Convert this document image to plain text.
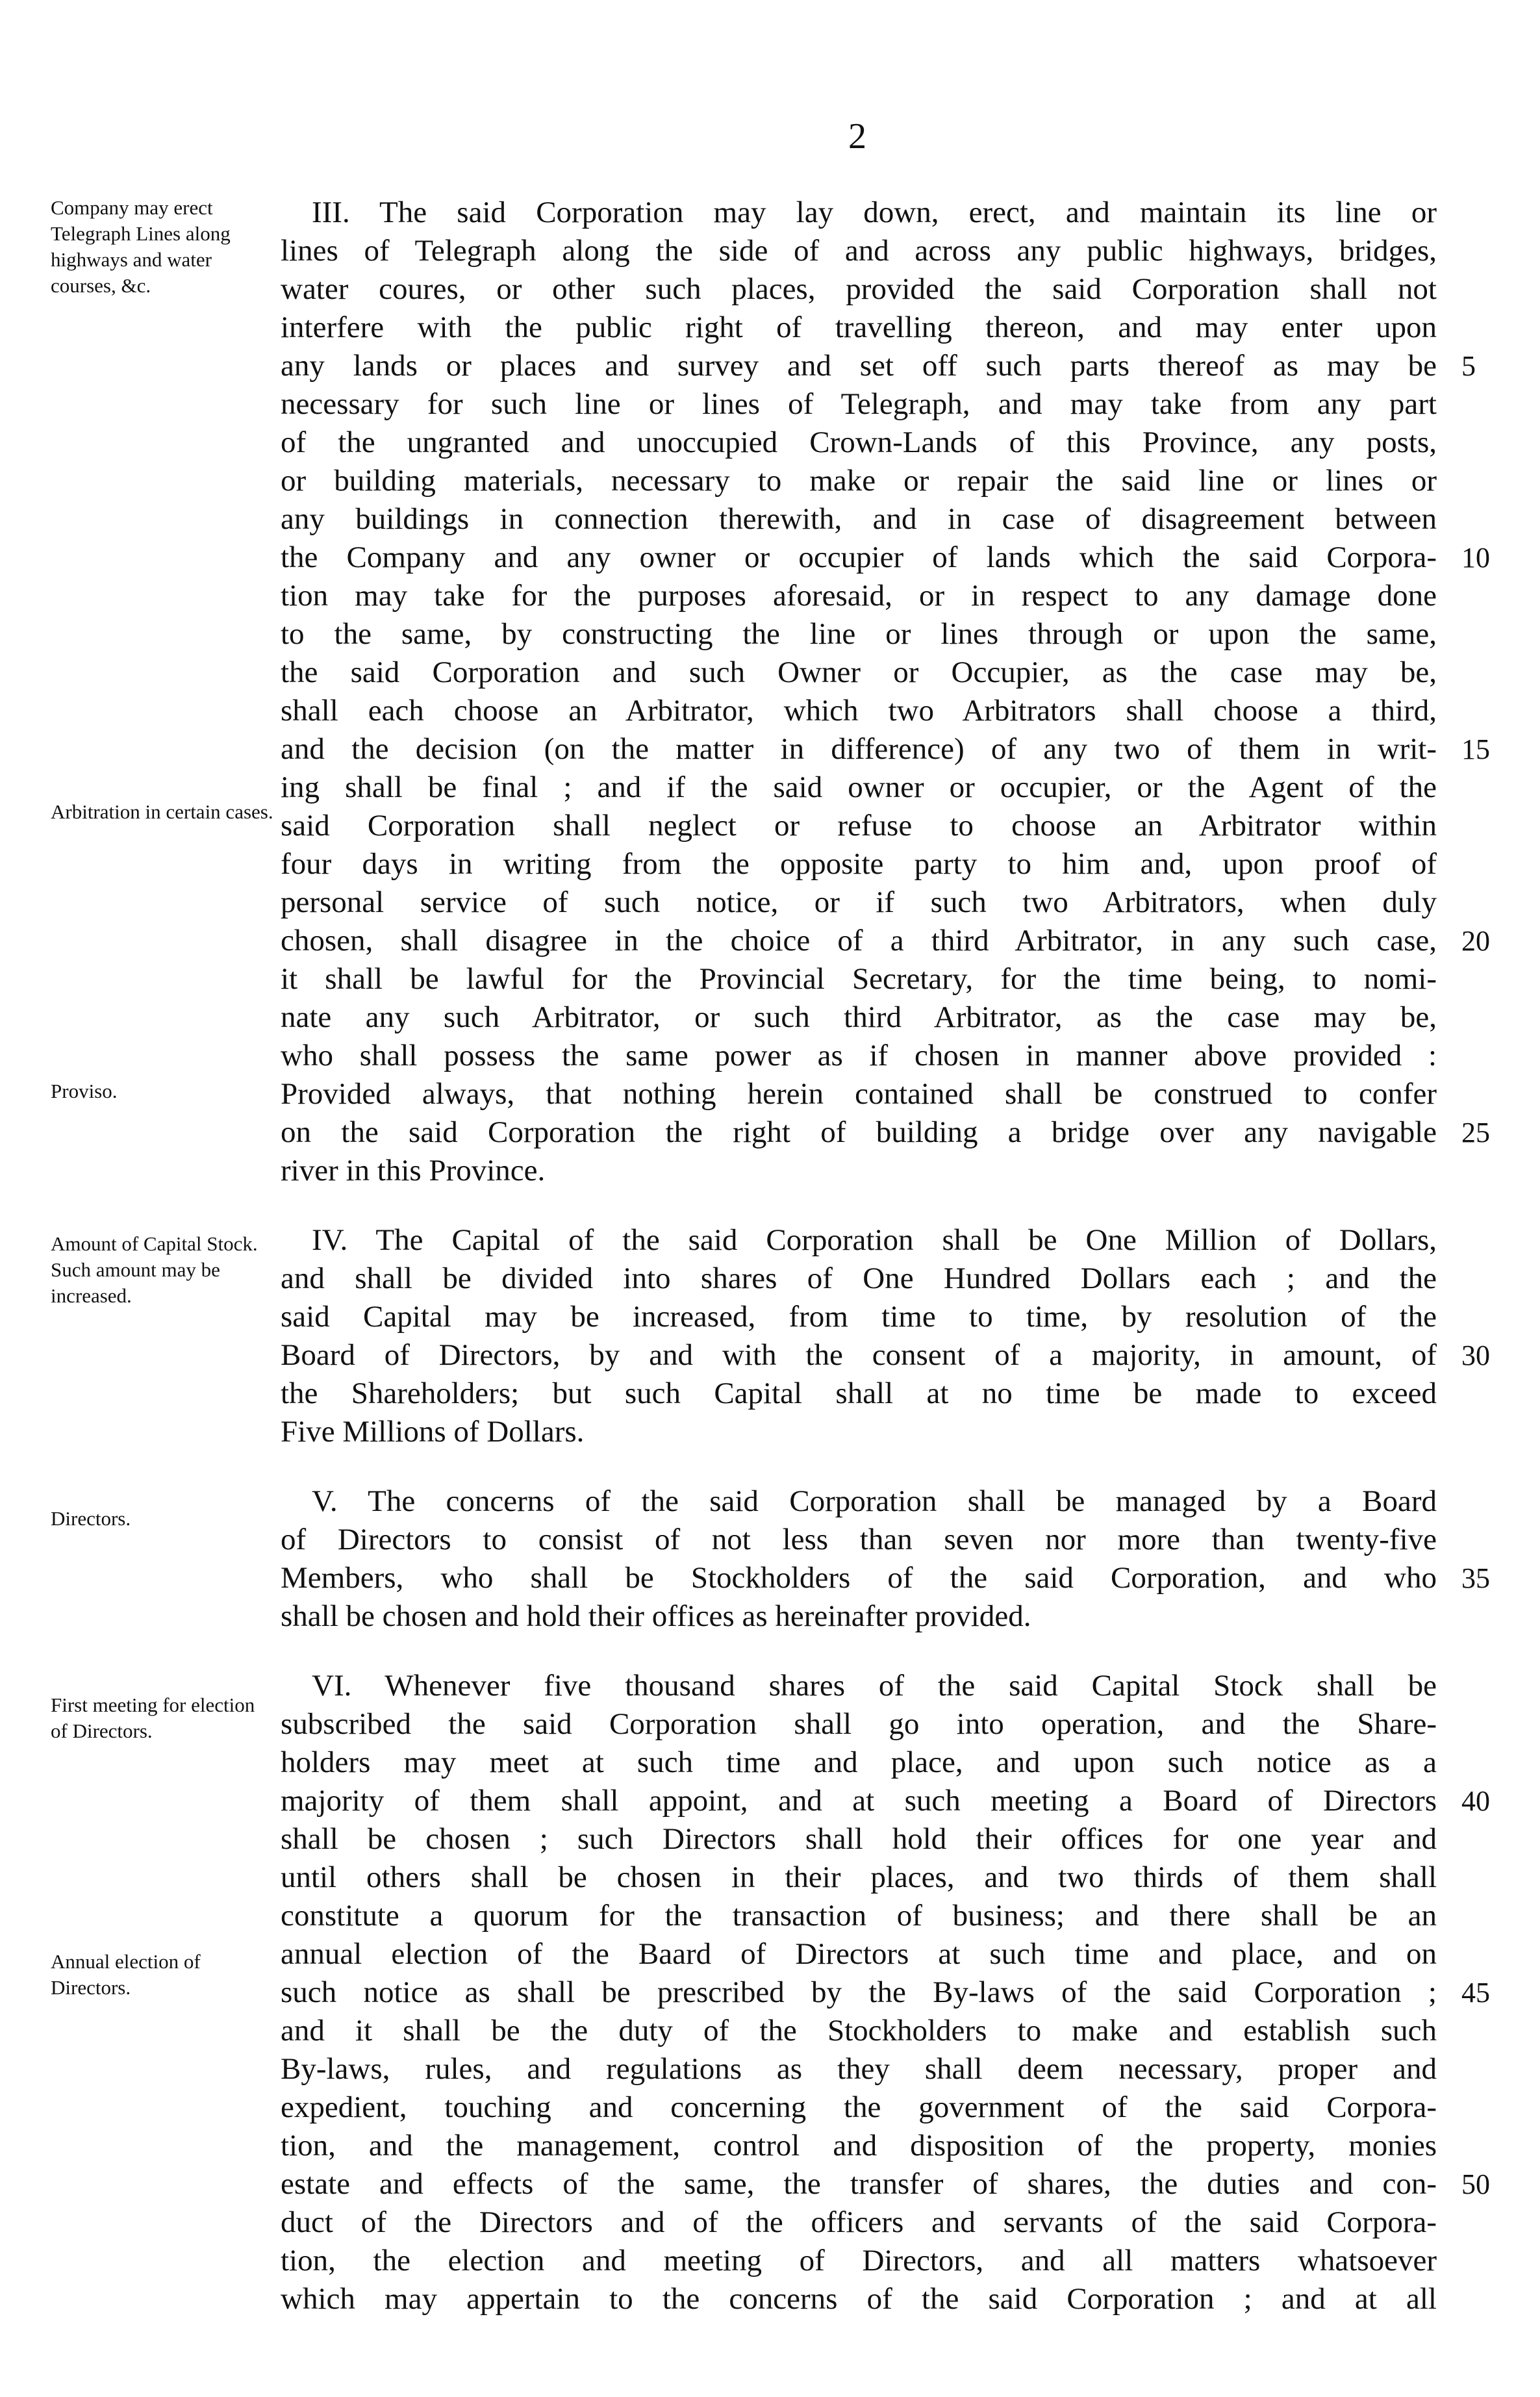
2
Company may erect Telegraph Lines along highways and water courses, &c.
Arbitration in certain cases.
Proviso.
Amount of Capital Stock. Such amount may be increased.
Directors.
First meeting for election of Directors.
Annual election of Directors.
III. The said Corporation may lay down, erect, and maintain its line or
lines of Telegraph along the side of and across any public highways, bridges,
water coures, or other such places, provided the said Corporation shall not
interfere with the public right of travelling thereon, and may enter upon
any lands or places and survey and set off such parts thereof as may be
necessary for such line or lines of Telegraph, and may take from any part
of the ungranted and unoccupied Crown-Lands of this Province, any posts,
or building materials, necessary to make or repair the said line or lines or
any buildings in connection therewith, and in case of disagreement between
the Company and any owner or occupier of lands which the said Corpora-
tion may take for the purposes aforesaid, or in respect to any damage done
to the same, by constructing the line or lines through or upon the same,
the said Corporation and such Owner or Occupier, as the case may be,
shall each choose an Arbitrator, which two Arbitrators shall choose a third,
and the decision (on the matter in difference) of any two of them in writ-
ing shall be final ; and if the said owner or occupier, or the Agent of the
said Corporation shall neglect or refuse to choose an Arbitrator within
four days in writing from the opposite party to him and, upon proof of
personal service of such notice, or if such two Arbitrators, when duly
chosen, shall disagree in the choice of a third Arbitrator, in any such case,
it shall be lawful for the Provincial Secretary, for the time being, to nomi-
nate any such Arbitrator, or such third Arbitrator, as the case may be,
who shall possess the same power as if chosen in manner above provided :
Provided always, that nothing herein contained shall be construed to confer
on the said Corporation the right of building a bridge over any navigable
river in this Province.
IV. The Capital of the said Corporation shall be One Million of Dollars,
and shall be divided into shares of One Hundred Dollars each ; and the
said Capital may be increased, from time to time, by resolution of the
Board of Directors, by and with the consent of a majority, in amount, of
the Shareholders; but such Capital shall at no time be made to exceed
Five Millions of Dollars.
V. The concerns of the said Corporation shall be managed by a Board
of Directors to consist of not less than seven nor more than twenty-five
Members, who shall be Stockholders of the said Corporation, and who
shall be chosen and hold their offices as hereinafter provided.
VI. Whenever five thousand shares of the said Capital Stock shall be
subscribed the said Corporation shall go into operation, and the Share-
holders may meet at such time and place, and upon such notice as a
majority of them shall appoint, and at such meeting a Board of Directors
shall be chosen ; such Directors shall hold their offices for one year and
until others shall be chosen in their places, and two thirds of them shall
constitute a quorum for the transaction of business; and there shall be an
annual election of the Baard of Directors at such time and place, and on
such notice as shall be prescribed by the By-laws of the said Corporation ;
and it shall be the duty of the Stockholders to make and establish such
By-laws, rules, and regulations as they shall deem necessary, proper and
expedient, touching and concerning the government of the said Corpora-
tion, and the management, control and disposition of the property, monies
estate and effects of the same, the transfer of shares, the duties and con-
duct of the Directors and of the officers and servants of the said Corpora-
tion, the election and meeting of Directors, and all matters whatsoever
which may appertain to the concerns of the said Corporation ; and at all
5
10
15
20
25
30
35
40
45
50
